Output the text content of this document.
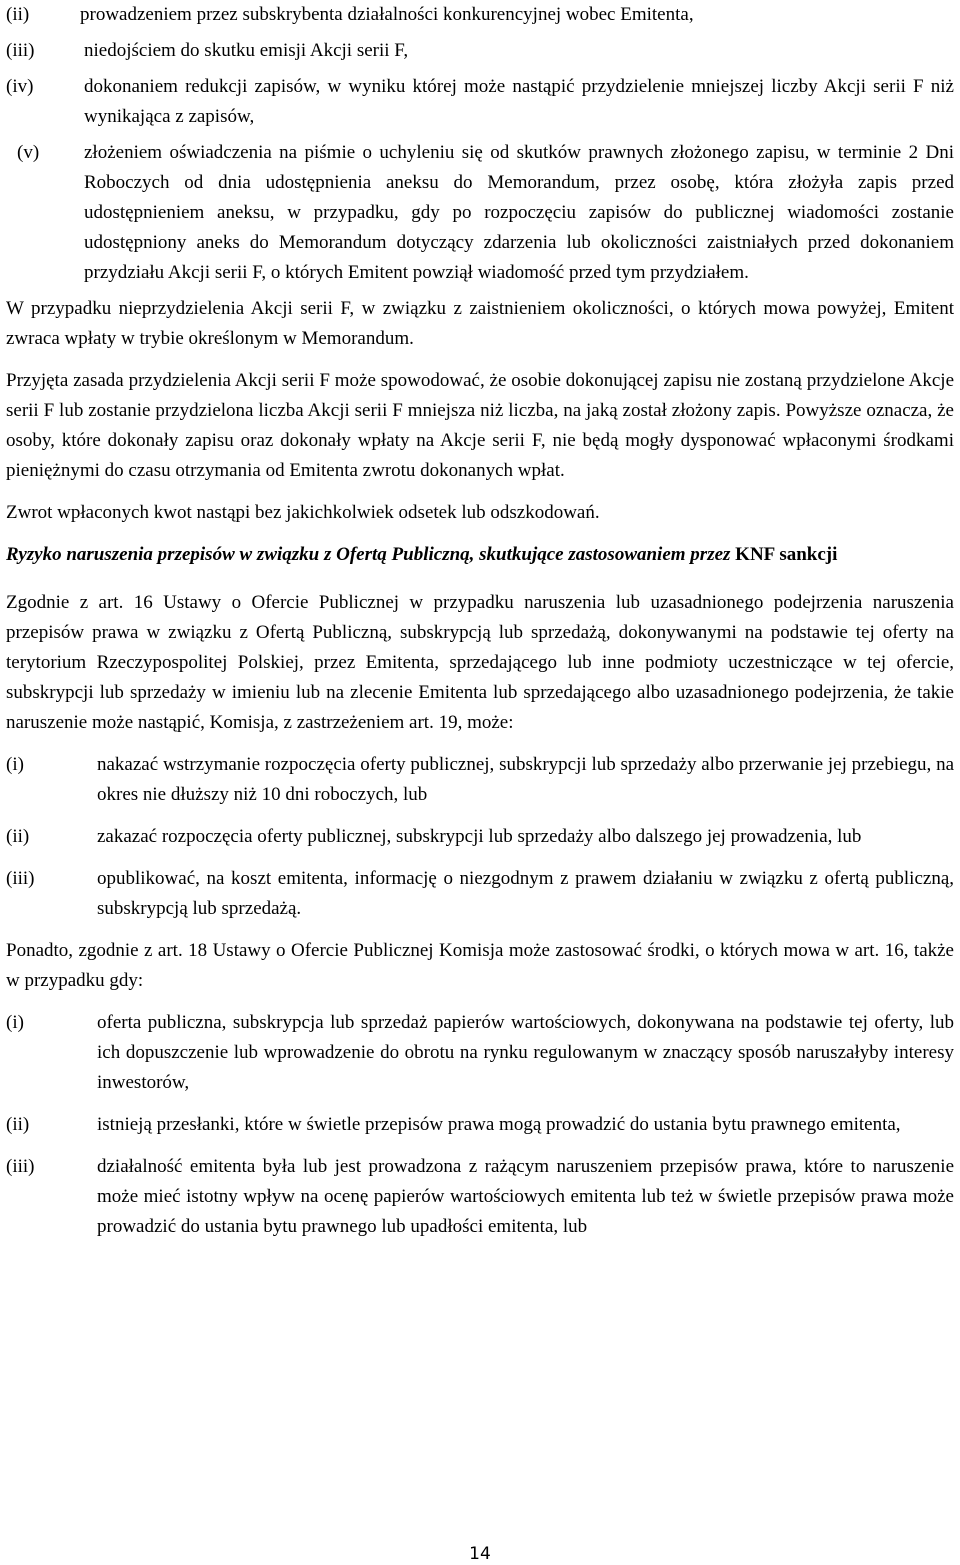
(ii)	prowadzeniem przez subskrybenta działalności konkurencyjnej wobec Emitenta,
(iii)	niedojściem do skutku emisji Akcji serii F,
(iv)	dokonaniem redukcji zapisów, w wyniku której może nastąpić przydzielenie mniejszej liczby Akcji serii F niż wynikająca z zapisów,
(v)	złożeniem oświadczenia na piśmie o uchyleniu się od skutków prawnych złożonego zapisu, w terminie 2 Dni Roboczych od dnia udostępnienia aneksu do Memorandum, przez osobę, która złożyła zapis przed udostępnieniem aneksu, w przypadku, gdy po rozpoczęciu zapisów do publicznej wiadomości zostanie udostępniony aneks do Memorandum dotyczący zdarzenia lub okoliczności zaistniałych przed dokonaniem przydziału Akcji serii F, o których Emitent powziął wiadomość przed tym przydziałem.

W przypadku nieprzydzielenia Akcji serii F, w związku z zaistnieniem okoliczności, o których mowa powyżej, Emitent zwraca wpłaty w trybie określonym w Memorandum.

Przyjęta zasada przydzielenia Akcji serii F może spowodować, że osobie dokonującej zapisu nie zostaną przydzielone Akcje serii F lub zostanie przydzielona liczba Akcji serii F mniejsza niż liczba, na jaką został złożony zapis. Powyższe oznacza, że osoby, które dokonały zapisu oraz dokonały wpłaty na Akcje serii F, nie będą mogły dysponować wpłaconymi środkami pieniężnymi do czasu otrzymania od Emitenta zwrotu dokonanych wpłat.

Zwrot wpłaconych kwot nastąpi bez jakichkolwiek odsetek lub odszkodowań.

Ryzyko naruszenia przepisów w związku z Ofertą Publiczną, skutkujące zastosowaniem przez KNF sankcji

Zgodnie z art. 16 Ustawy o Ofercie Publicznej w przypadku naruszenia lub uzasadnionego podejrzenia naruszenia przepisów prawa w związku z Ofertą Publiczną, subskrypcją lub sprzedażą, dokonywanymi na podstawie tej oferty na terytorium Rzeczypospolitej Polskiej, przez Emitenta, sprzedającego lub inne podmioty uczestniczące w tej ofercie, subskrypcji lub sprzedaży w imieniu lub na zlecenie Emitenta lub sprzedającego albo uzasadnionego podejrzenia, że takie naruszenie może nastąpić, Komisja, z zastrzeżeniem art. 19, może:

(i)	nakazać wstrzymanie rozpoczęcia oferty publicznej, subskrypcji lub sprzedaży albo przerwanie jej przebiegu, na okres nie dłuższy niż 10 dni roboczych, lub
(ii)	zakazać rozpoczęcia oferty publicznej, subskrypcji lub sprzedaży albo dalszego jej prowadzenia, lub
(iii)	opublikować, na koszt emitenta, informację o niezgodnym z prawem działaniu w związku z ofertą publiczną, subskrypcją lub sprzedażą.

Ponadto, zgodnie z art. 18 Ustawy o Ofercie Publicznej Komisja może zastosować środki, o których mowa w art. 16, także w przypadku gdy:

(i)	oferta publiczna, subskrypcja lub sprzedaż papierów wartościowych, dokonywana na podstawie tej oferty, lub ich dopuszczenie lub wprowadzenie do obrotu na rynku regulowanym w znaczący sposób naruszałyby interesy inwestorów,
(ii)	istnieją przesłanki, które w świetle przepisów prawa mogą prowadzić do ustania bytu prawnego emitenta,
(iii)	działalność emitenta była lub jest prowadzona z rażącym naruszeniem przepisów prawa, które to naruszenie może mieć istotny wpływ na ocenę papierów wartościowych emitenta lub też w świetle przepisów prawa może prowadzić do ustania bytu prawnego lub upadłości emitenta, lub
14
